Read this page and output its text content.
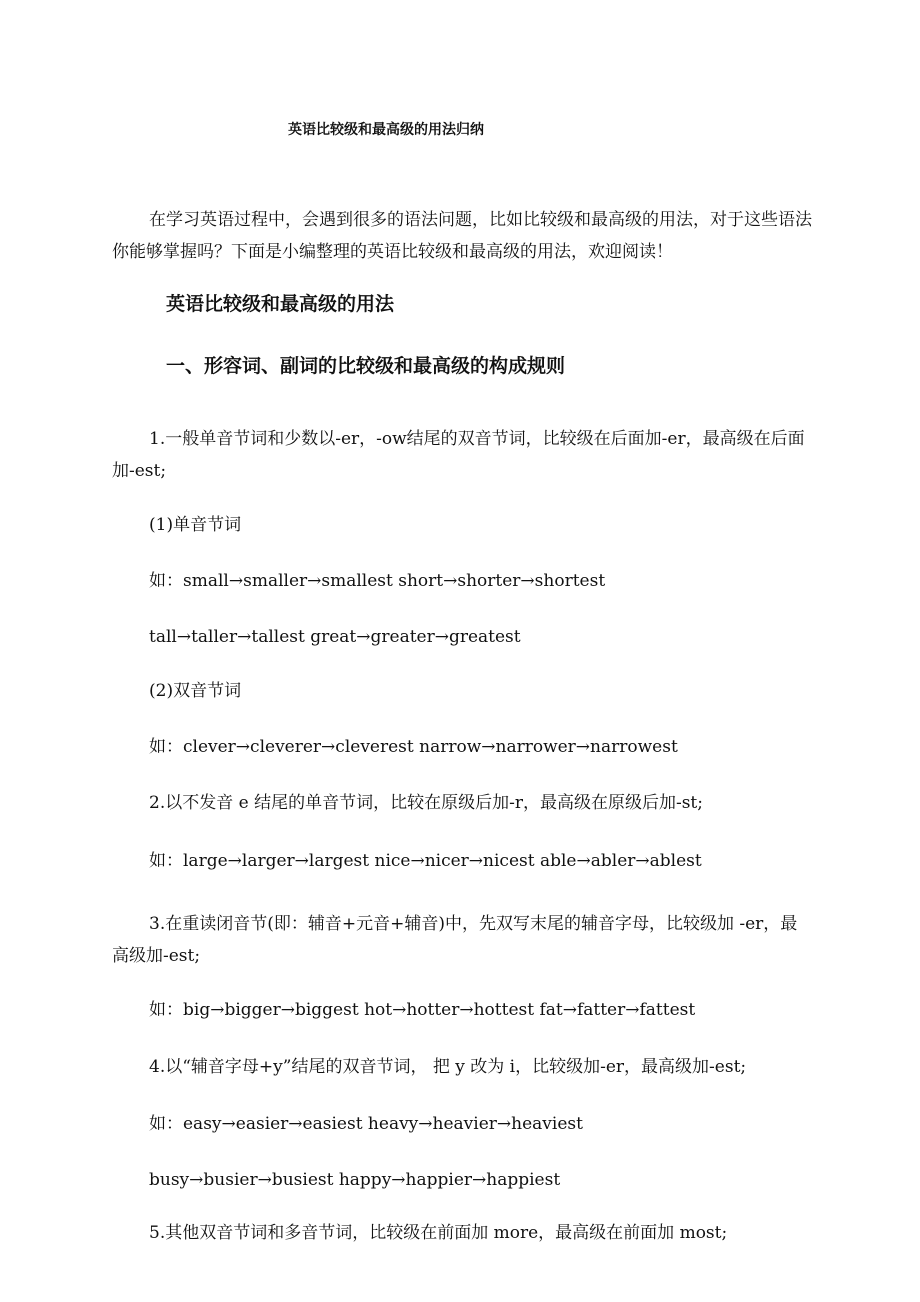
英语比较级和最高级的用法归纳
在学习英语过程中，会遇到很多的语法问题，比如比较级和最高级的用法，对于这些语法你能够掌握吗？下面是小编整理的英语比较级和最高级的用法，欢迎阅读！
英语比较级和最高级的用法
一、形容词、副词的比较级和最高级的构成规则
1.一般单音节词和少数以-er，-ow结尾的双音节词，比较级在后面加-er，最高级在后面加-est;
(1)单音节词
如：small→smaller→smallest short→shorter→shortest
tall→taller→tallest great→greater→greatest
(2)双音节词
如：clever→cleverer→cleverest narrow→narrower→narrowest
2.以不发音 e 结尾的单音节词，比较在原级后加-r，最高级在原级后加-st;
如：large→larger→largest nice→nicer→nicest able→abler→ablest
3.在重读闭音节(即：辅音+元音+辅音)中，先双写末尾的辅音字母，比较级加 -er，最高级加-est;
如：big→bigger→biggest hot→hotter→hottest fat→fatter→fattest
4.以“辅音字母+y”结尾的双音节词， 把 y 改为 i，比较级加-er，最高级加-est;
如：easy→easier→easiest heavy→heavier→heaviest
busy→busier→busiest happy→happier→happiest
5.其他双音节词和多音节词，比较级在前面加 more，最高级在前面加 most;
